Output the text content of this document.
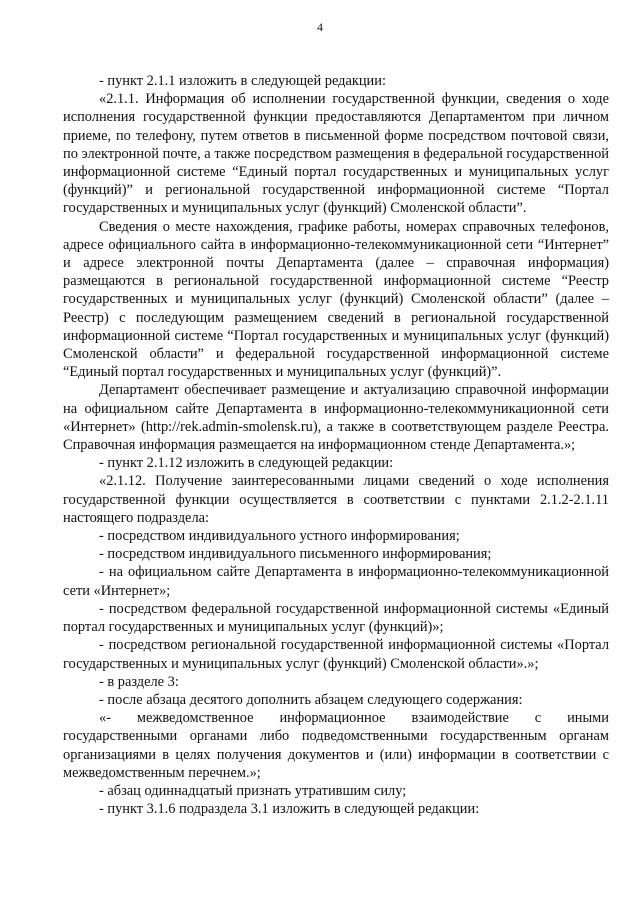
4

- пункт 2.1.1 изложить в следующей редакции:

«2.1.1. Информация об исполнении государственной функции, сведения о ходе исполнения государственной функции предоставляются Департаментом при личном приеме, по телефону, путем ответов в письменной форме посредством почтовой связи, по электронной почте, а также посредством размещения в федеральной государственной информационной системе “Единый портал государственных и муниципальных услуг (функций)” и региональной государственной информационной системе “Портал государственных и муниципальных услуг (функций) Смоленской области”.

Сведения о месте нахождения, графике работы, номерах справочных телефонов, адресе официального сайта в информационно-телекоммуникационной сети “Интернет” и адресе электронной почты Департамента (далее – справочная информация) размещаются в региональной государственной информационной системе “Реестр государственных и муниципальных услуг (функций) Смоленской области” (далее – Реестр) с последующим размещением сведений в региональной государственной информационной системе “Портал государственных и муниципальных услуг (функций) Смоленской области” и федеральной государственной информационной системе “Единый портал государственных и муниципальных услуг (функций)”.

Департамент обеспечивает размещение и актуализацию справочной информации на официальном сайте Департамента в информационно-телекоммуникационной сети «Интернет» (http://rek.admin-smolensk.ru), а также в соответствующем разделе Реестра. Справочная информация размещается на информационном стенде Департамента.»;

- пункт 2.1.12 изложить в следующей редакции:

«2.1.12. Получение заинтересованными лицами сведений о ходе исполнения государственной функции осуществляется в соответствии с пунктами 2.1.2-2.1.11 настоящего подраздела:

- посредством индивидуального устного информирования;

- посредством индивидуального письменного информирования;

- на официальном сайте Департамента в информационно-телекоммуникационной сети «Интернет»;

- посредством федеральной государственной информационной системы «Единый портал государственных и муниципальных услуг (функций)»;

- посредством региональной государственной информационной системы «Портал государственных и муниципальных услуг (функций) Смоленской области».»;

- в разделе 3:

- после абзаца десятого дополнить абзацем следующего содержания:

«- межведомственное информационное взаимодействие с иными государственными органами либо подведомственными государственным органам организациями в целях получения документов и (или) информации в соответствии с межведомственным перечнем.»;

- абзац одиннадцатый признать утратившим силу;

- пункт 3.1.6 подраздела 3.1 изложить в следующей редакции:
